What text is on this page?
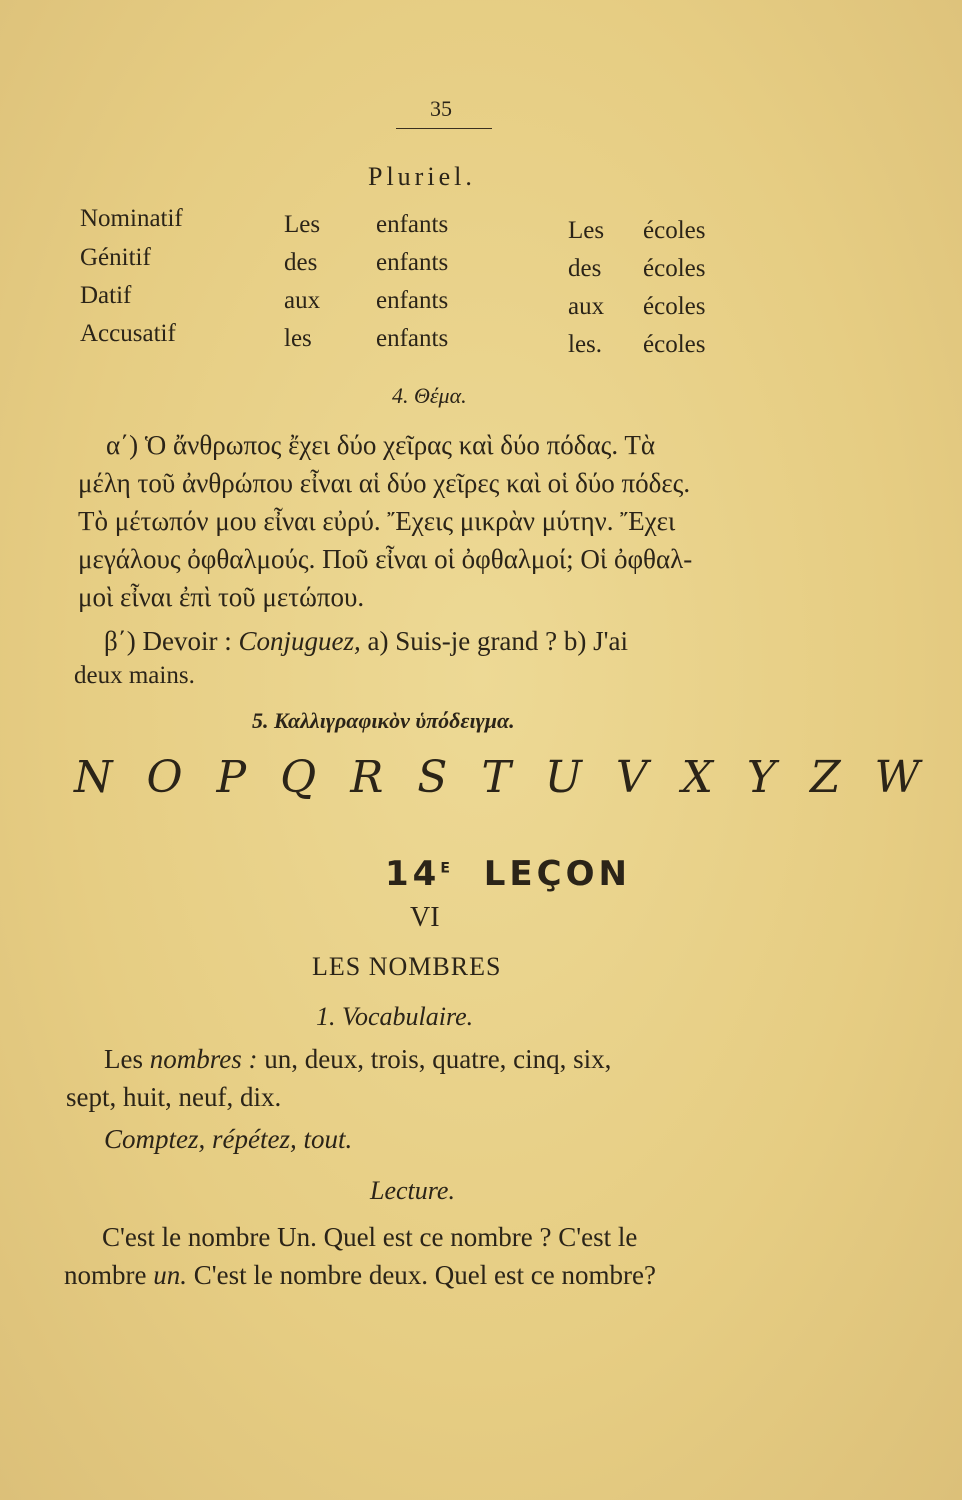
35
Pluriel.
Nominatif	Les enfants	Les écoles
Génitif	des enfants	des écoles
Datif	aux enfants	aux écoles
Accusatif	les	enfants	les. écoles
4. Θέμα.
α΄) Ὁ ἄνθρωπος ἔχει δύο χεῖρας καὶ δύο πόδας. Τὰ
μέλη τοῦ ἀνθρώπου εἶναι αἱ δύο χεῖρες καὶ οἱ δύο πόδες.
Τὸ μέτωπόν μου εἶναι εὐρύ. Ἔχεις μικρὰν μύτην. Ἔχει
μεγάλους ὀφθαλμούς. Ποῦ εἶναι οἱ ὀφθαλμοί; Οἱ ὀφθαλ-
μοὶ εἶναι ἐπὶ τοῦ μετώπου.
β΄) Devoir : Conjuguez, a) Suis-je grand ? b) J'ai
deux mains.
5. Καλλιγραφικὸν ὑπόδειγμα.
N O P Q R S T U V X Y Z W
$14^E$ LEÇON
VI
LES NOMBRES
1. Vocabulaire.
Les nombres : un, deux, trois, quatre, cinq, six,
sept, huit, neuf, dix.
Comptez, répétez, tout.
Lecture.
C'est le nombre Un. Quel est ce nombre ? C'est le
nombre un. C'est le nombre deux. Quel est ce nombre?
